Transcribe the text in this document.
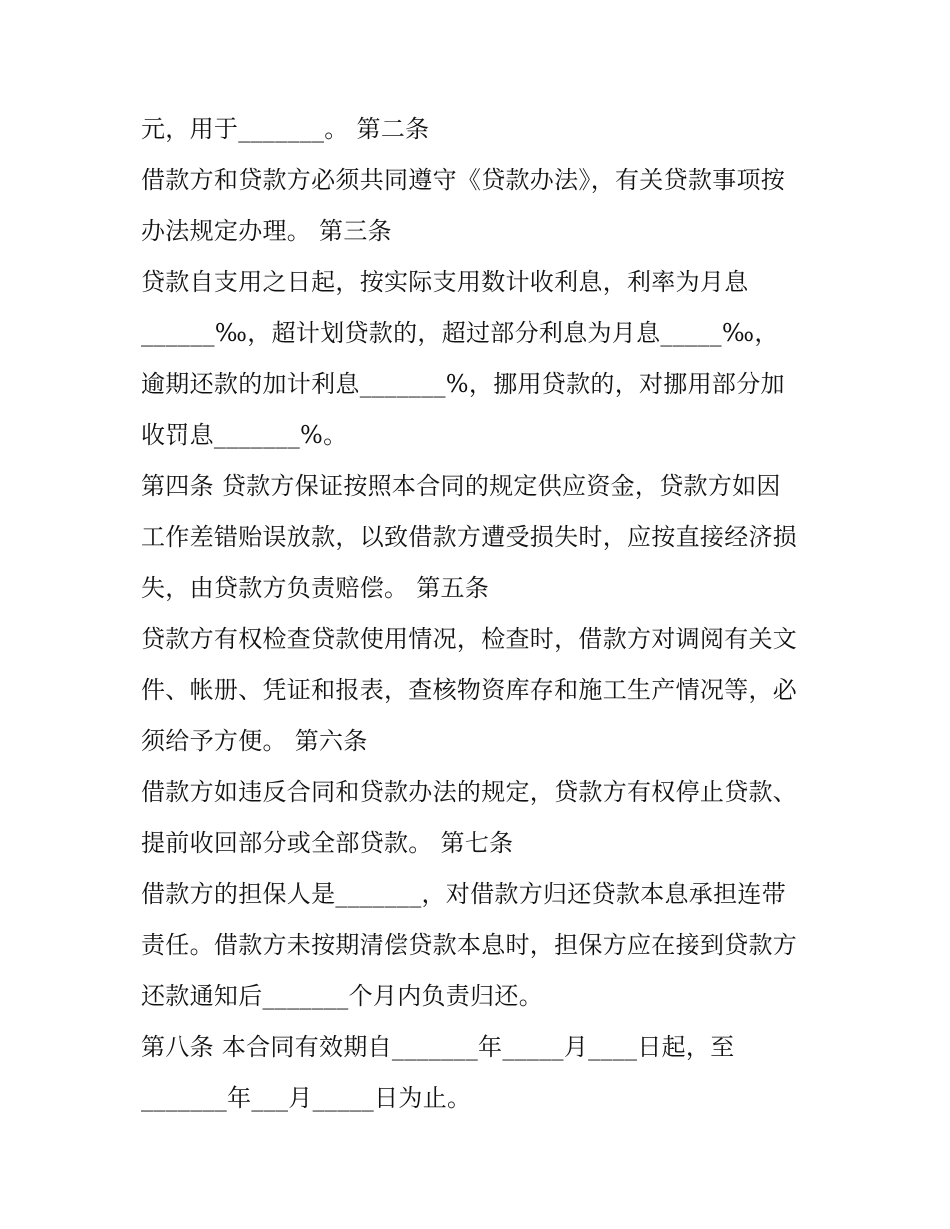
元，用于_______。 第二条
借款方和贷款方必须共同遵守《贷款办法》，有关贷款事项按
办法规定办理。 第三条
贷款自支用之日起，按实际支用数计收利息，利率为月息
______‰，超计划贷款的，超过部分利息为月息_____‰，
逾期还款的加计利息_______%，挪用贷款的，对挪用部分加
收罚息_______%。
第四条 贷款方保证按照本合同的规定供应资金，贷款方如因
工作差错贻误放款，以致借款方遭受损失时，应按直接经济损
失，由贷款方负责赔偿。 第五条
贷款方有权检查贷款使用情况，检查时，借款方对调阅有关文
件、帐册、凭证和报表，查核物资库存和施工生产情况等，必
须给予方便。 第六条
借款方如违反合同和贷款办法的规定，贷款方有权停止贷款、
提前收回部分或全部贷款。 第七条
借款方的担保人是_______，对借款方归还贷款本息承担连带
责任。借款方未按期清偿贷款本息时，担保方应在接到贷款方
还款通知后_______个月内负责归还。
第八条 本合同有效期自_______年_____月____日起，至
_______年___月_____日为止。
